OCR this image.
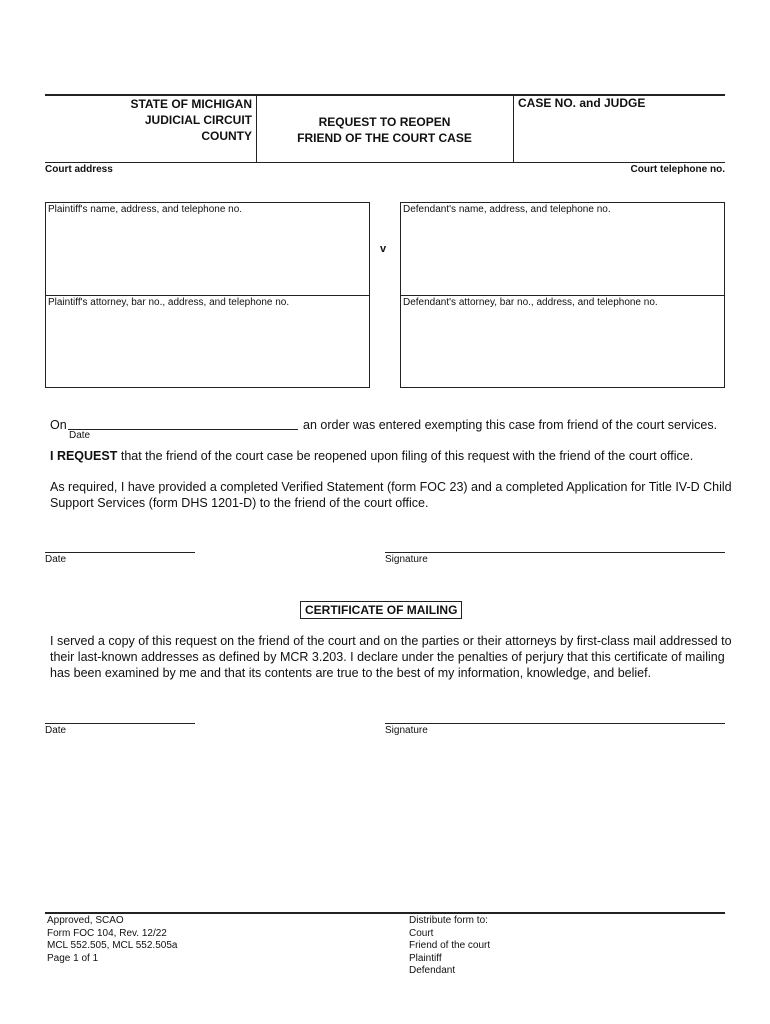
STATE OF MICHIGAN
JUDICIAL CIRCUIT
COUNTY
REQUEST TO REOPEN
FRIEND OF THE COURT CASE
CASE NO. and JUDGE
Court address	Court telephone no.
Plaintiff's name, address, and telephone no.
Plaintiff's attorney, bar no., address, and telephone no.
v
Defendant's name, address, and telephone no.
Defendant's attorney, bar no., address, and telephone no.
On	an order was entered exempting this case from friend of the court services.
Date
I REQUEST that the friend of the court case be reopened upon filing of this request with the friend of the court office.
As required, I have provided a completed Verified Statement (form FOC 23) and a completed Application for Title IV-D Child
Support Services (form DHS 1201-D) to the friend of the court office.
Date	Signature
CERTIFICATE OF MAILING
I served a copy of this request on the friend of the court and on the parties or their attorneys by first-class mail addressed to
their last-known addresses as defined by MCR 3.203. I declare under the penalties of perjury that this certificate of mailing
has been examined by me and that its contents are true to the best of my information, knowledge, and belief.
Date	Signature
Approved, SCAO
Form FOC 104, Rev. 12/22
MCL 552.505, MCL 552.505a
Page 1 of 1
Distribute form to:
Court
Friend of the court
Plaintiff
Defendant
